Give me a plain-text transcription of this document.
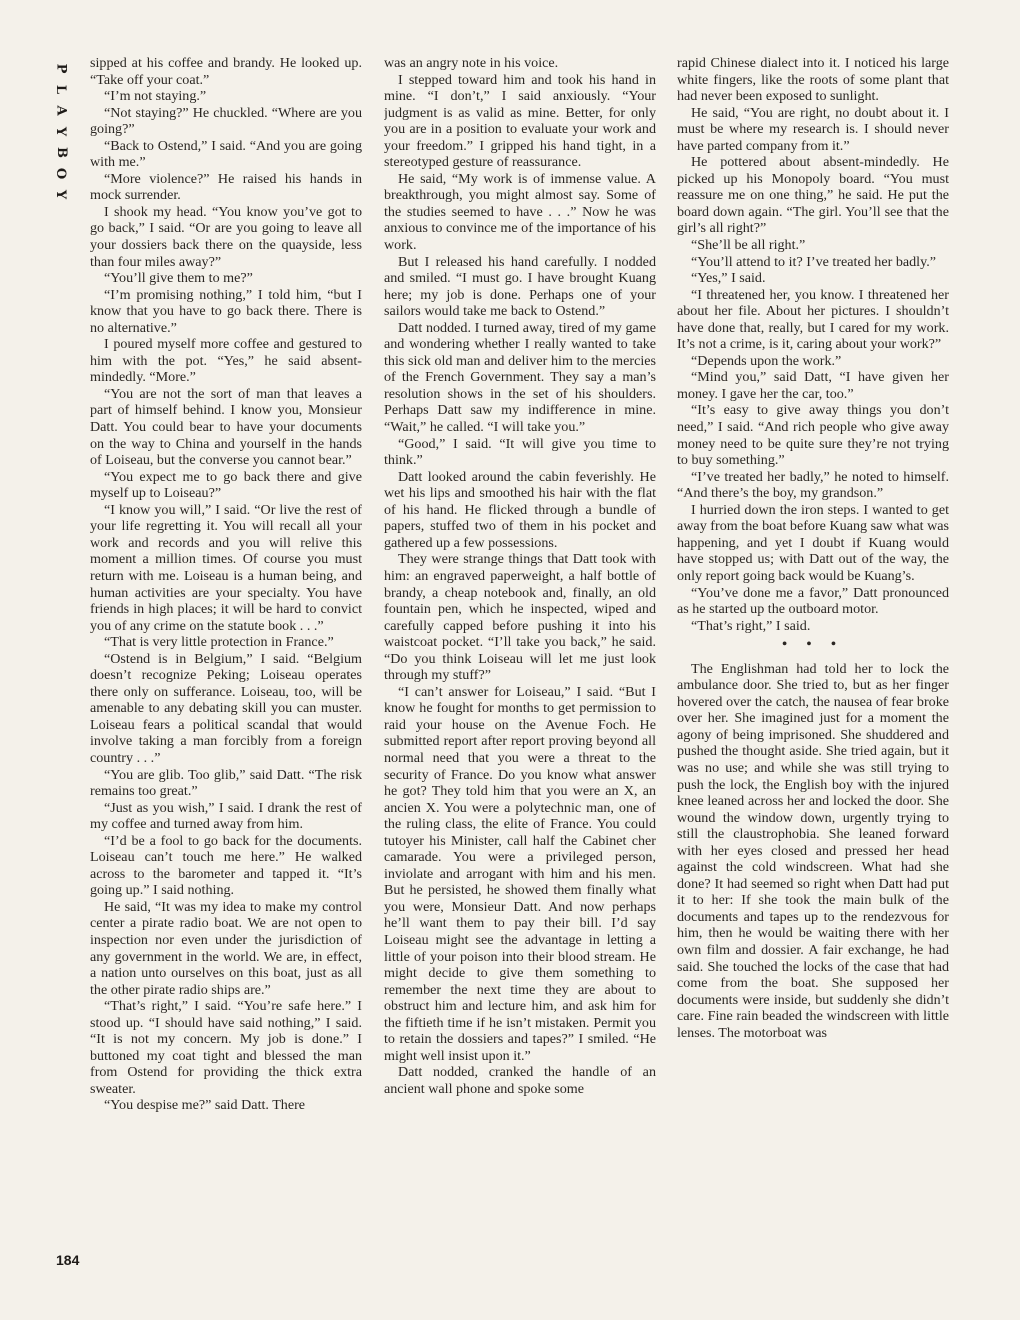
P
L
A
Y
B
O
Y

sipped at his coffee and brandy. He looked up. “Take off your coat.”

“I’m not staying.”

“Not staying?” He chuckled. “Where are you going?”

“Back to Ostend,” I said. “And you are going with me.”

“More violence?” He raised his hands in mock surrender.

I shook my head. “You know you’ve got to go back,” I said. “Or are you going to leave all your dossiers back there on the quayside, less than four miles away?”

“You’ll give them to me?”

“I’m promising nothing,” I told him, “but I know that you have to go back there. There is no alternative.”

I poured myself more coffee and gestured to him with the pot. “Yes,” he said absent-mindedly. “More.”

“You are not the sort of man that leaves a part of himself behind. I know you, Monsieur Datt. You could bear to have your documents on the way to China and yourself in the hands of Loiseau, but the converse you cannot bear.”

“You expect me to go back there and give myself up to Loiseau?”

“I know you will,” I said. “Or live the rest of your life regretting it. You will recall all your work and records and you will relive this moment a million times. Of course you must return with me. Loiseau is a human being, and human activities are your specialty. You have friends in high places; it will be hard to convict you of any crime on the statute book . . .”

“That is very little protection in France.”

“Ostend is in Belgium,” I said. “Belgium doesn’t recognize Peking; Loiseau operates there only on sufferance. Loiseau, too, will be amenable to any debating skill you can muster. Loiseau fears a political scandal that would involve taking a man forcibly from a foreign country . . .”

“You are glib. Too glib,” said Datt. “The risk remains too great.”

“Just as you wish,” I said. I drank the rest of my coffee and turned away from him.

“I’d be a fool to go back for the documents. Loiseau can’t touch me here.” He walked across to the barometer and tapped it. “It’s going up.” I said nothing.

He said, “It was my idea to make my control center a pirate radio boat. We are not open to inspection nor even under the jurisdiction of any government in the world. We are, in effect, a nation unto ourselves on this boat, just as all the other pirate radio ships are.”

“That’s right,” I said. “You’re safe here.” I stood up. “I should have said nothing,” I said. “It is not my concern. My job is done.” I buttoned my coat tight and blessed the man from Ostend for providing the thick extra sweater.

“You despise me?” said Datt. There

was an angry note in his voice.

I stepped toward him and took his hand in mine. “I don’t,” I said anxiously. “Your judgment is as valid as mine. Better, for only you are in a position to evaluate your work and your freedom.” I gripped his hand tight, in a stereotyped gesture of reassurance.

He said, “My work is of immense value. A breakthrough, you might almost say. Some of the studies seemed to have . . .” Now he was anxious to convince me of the importance of his work.

But I released his hand carefully. I nodded and smiled. “I must go. I have brought Kuang here; my job is done. Perhaps one of your sailors would take me back to Ostend.”

Datt nodded. I turned away, tired of my game and wondering whether I really wanted to take this sick old man and deliver him to the mercies of the French Government. They say a man’s resolution shows in the set of his shoulders. Perhaps Datt saw my indifference in mine. “Wait,” he called. “I will take you.”

“Good,” I said. “It will give you time to think.”

Datt looked around the cabin feverishly. He wet his lips and smoothed his hair with the flat of his hand. He flicked through a bundle of papers, stuffed two of them in his pocket and gathered up a few possessions.

They were strange things that Datt took with him: an engraved paperweight, a half bottle of brandy, a cheap notebook and, finally, an old fountain pen, which he inspected, wiped and carefully capped before pushing it into his waistcoat pocket. “I’ll take you back,” he said. “Do you think Loiseau will let me just look through my stuff?”

“I can’t answer for Loiseau,” I said. “But I know he fought for months to get permission to raid your house on the Avenue Foch. He submitted report after report proving beyond all normal need that you were a threat to the security of France. Do you know what answer he got? They told him that you were an X, an ancien X. You were a polytechnic man, one of the ruling class, the elite of France. You could tutoyer his Minister, call half the Cabinet cher camarade. You were a privileged person, inviolate and arrogant with him and his men. But he persisted, he showed them finally what you were, Monsieur Datt. And now perhaps he’ll want them to pay their bill. I’d say Loiseau might see the advantage in letting a little of your poison into their blood stream. He might decide to give them something to remember the next time they are about to obstruct him and lecture him, and ask him for the fiftieth time if he isn’t mistaken. Permit you to retain the dossiers and tapes?” I smiled. “He might well insist upon it.”

Datt nodded, cranked the handle of an ancient wall phone and spoke some

rapid Chinese dialect into it. I noticed his large white fingers, like the roots of some plant that had never been exposed to sunlight.

He said, “You are right, no doubt about it. I must be where my research is. I should never have parted company from it.”

He pottered about absent-mindedly. He picked up his Monopoly board. “You must reassure me on one thing,” he said. He put the board down again. “The girl. You’ll see that the girl’s all right?”

“She’ll be all right.”

“You’ll attend to it? I’ve treated her badly.”

“Yes,” I said.

“I threatened her, you know. I threatened her about her file. About her pictures. I shouldn’t have done that, really, but I cared for my work. It’s not a crime, is it, caring about your work?”

“Depends upon the work.”

“Mind you,” said Datt, “I have given her money. I gave her the car, too.”

“It’s easy to give away things you don’t need,” I said. “And rich people who give away money need to be quite sure they’re not trying to buy something.”

“I’ve treated her badly,” he noted to himself. “And there’s the boy, my grandson.”

I hurried down the iron steps. I wanted to get away from the boat before Kuang saw what was happening, and yet I doubt if Kuang would have stopped us; with Datt out of the way, the only report going back would be Kuang’s.

“You’ve done me a favor,” Datt pronounced as he started up the outboard motor.

“That’s right,” I said.

• • •

The Englishman had told her to lock the ambulance door. She tried to, but as her finger hovered over the catch, the nausea of fear broke over her. She imagined just for a moment the agony of being imprisoned. She shuddered and pushed the thought aside. She tried again, but it was no use; and while she was still trying to push the lock, the English boy with the injured knee leaned across her and locked the door. She wound the window down, urgently trying to still the claustrophobia. She leaned forward with her eyes closed and pressed her head against the cold windscreen. What had she done? It had seemed so right when Datt had put it to her: If she took the main bulk of the documents and tapes up to the rendezvous for him, then he would be waiting there with her own film and dossier. A fair exchange, he had said. She touched the locks of the case that had come from the boat. She supposed her documents were inside, but suddenly she didn’t care. Fine rain beaded the windscreen with little lenses. The motorboat was

184
